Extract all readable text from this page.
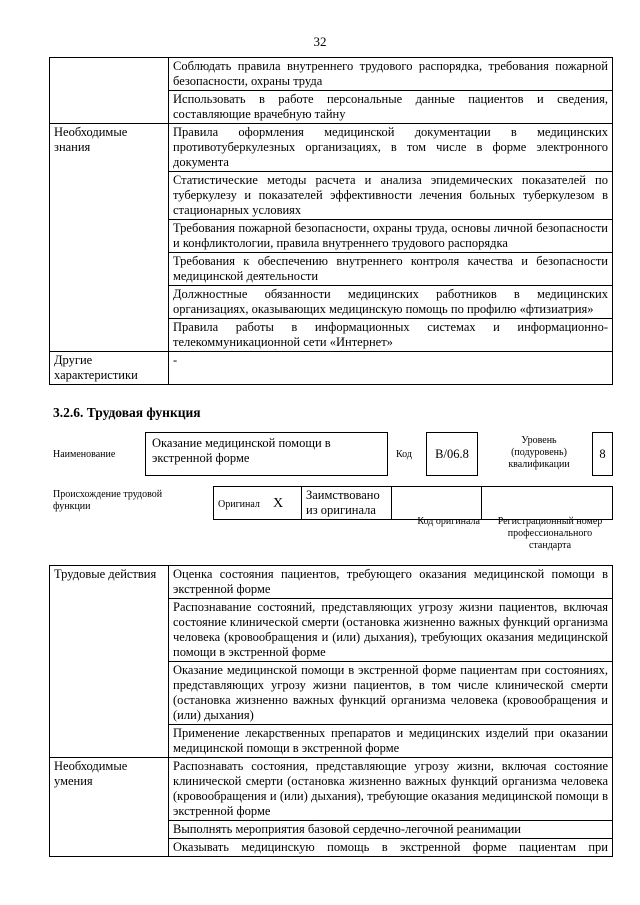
32
	Соблюдать правила внутреннего трудового распорядка, требования пожарной безопасности, охраны труда
	Использовать в работе персональные данные пациентов и сведения, составляющие врачебную тайну
Необходимые знания	Правила оформления медицинской документации в медицинских противотуберкулезных организациях, в том числе в форме электронного документа
	Статистические методы расчета и анализа эпидемических показателей по туберкулезу и показателей эффективности лечения больных туберкулезом в стационарных условиях
	Требования пожарной безопасности, охраны труда, основы личной безопасности и конфликтологии, правила внутреннего трудового распорядка
	Требования к обеспечению внутреннего контроля качества и безопасности медицинской деятельности
	Должностные обязанности медицинских работников в медицинских организациях, оказывающих медицинскую помощь по профилю «фтизиатрия»
	Правила работы в информационных системах и информационно-телекоммуникационной сети «Интернет»
Другие характеристики	-
3.2.6. Трудовая функция
Наименование
Оказание медицинской помощи в экстренной форме	Код	B/06.8
Уровень (подуровень) квалификации
8
Происхождение трудовой функции	Оригинал X	Заимствовано из оригинала		
Код оригинала	Регистрационный номер профессионального стандарта
Трудовые действия	Оценка состояния пациентов, требующего оказания медицинской помощи в экстренной форме
	Распознавание состояний, представляющих угрозу жизни пациентов, включая состояние клинической смерти (остановка жизненно важных функций организма человека (кровообращения и (или) дыхания), требующих оказания медицинской помощи в экстренной форме
	Оказание медицинской помощи в экстренной форме пациентам при состояниях, представляющих угрозу жизни пациентов, в том числе клинической смерти (остановка жизненно важных функций организма человека (кровообращения и (или) дыхания)
	Применение лекарственных препаратов и медицинских изделий при оказании медицинской помощи в экстренной форме
Необходимые умения	Распознавать состояния, представляющие угрозу жизни, включая состояние клинической смерти (остановка жизненно важных функций организма человека (кровообращения и (или) дыхания), требующие оказания медицинской помощи в экстренной форме
	Выполнять мероприятия базовой сердечно-легочной реанимации
	Оказывать медицинскую помощь в экстренной форме пациентам при
